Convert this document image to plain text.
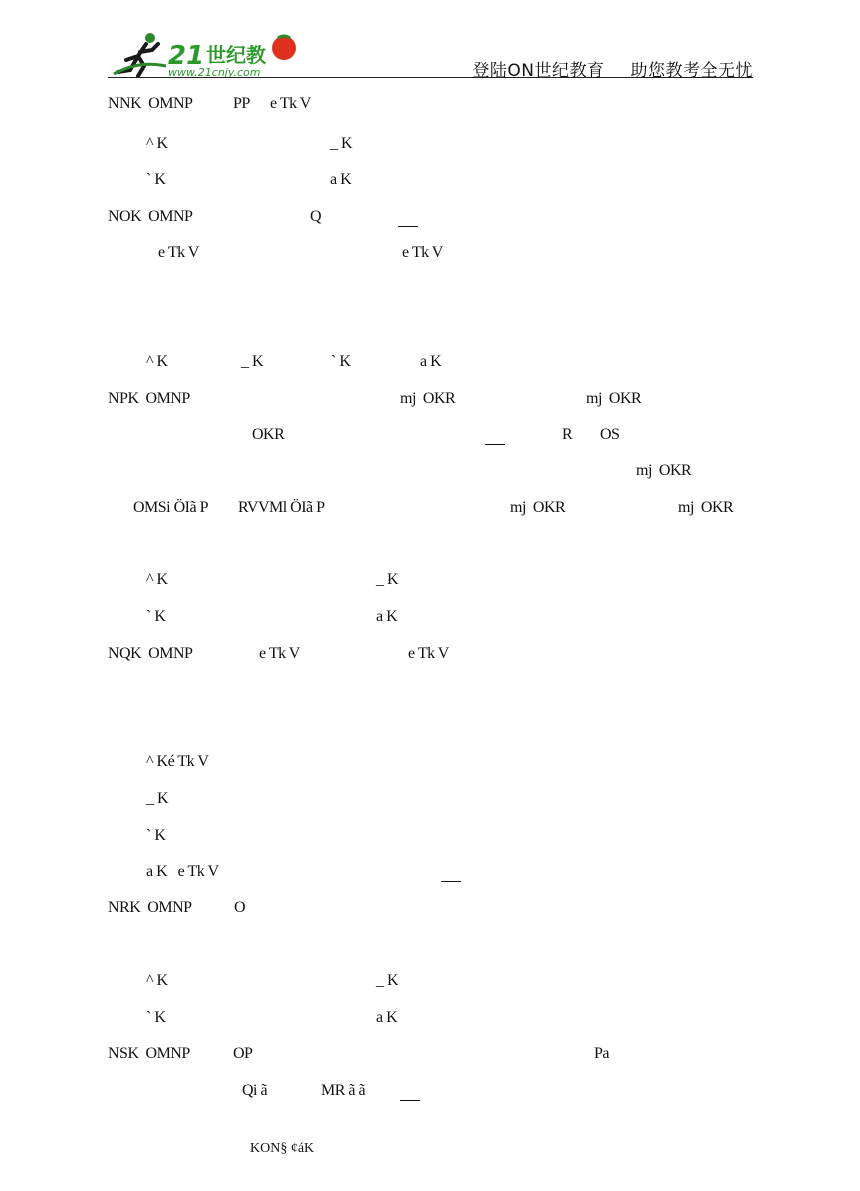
21 世纪教
www.21cnjy.com	登陆ON世纪教育 助您教考全无忧
NNK  OMNP	PP e Tk V
^ K	_ K
` K	a K
NOK  OMNP	Q
e Tk V	e Tk V
^ K	_ K	` K	a K
NPK  OMNP	mj  OKR	mj  OKR
OKR	R OS
mj  OKR
OMSi ÖIã P RVVMl ÖIã P	mj  OKR	mj  OKR
^ K	_ K
` K	a K
NQK  OMNP	e Tk V	e Tk V
^ Ké Tk V
_ K
` K
a K   e Tk V
NRK  OMNP	O
^ K	_ K
` K	a K
NSK  OMNP	OP	Pa
Qi ã	MR ã ã
KON§ ¢áK
